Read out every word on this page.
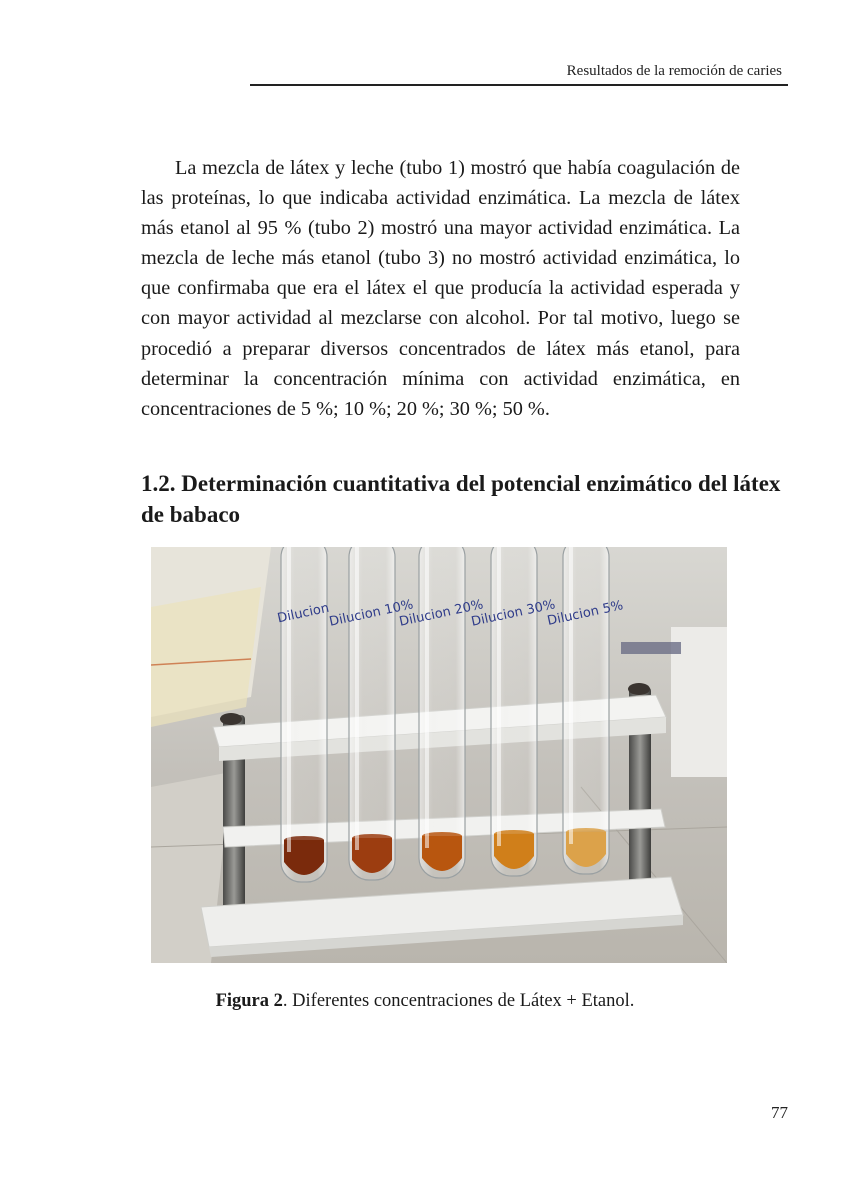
Resultados de la remoción de caries

La mezcla de látex y leche (tubo 1) mostró que había coagulación de las proteínas, lo que indicaba actividad enzimática. La mezcla de látex más etanol al 95 % (tubo 2) mostró una mayor actividad enzimática. La mezcla de leche más etanol (tubo 3) no mostró actividad enzimática, lo que confirmaba que era el látex el que producía la actividad esperada y con mayor actividad al mezclarse con alcohol. Por tal motivo, luego se procedió a preparar diversos concentrados de látex más etanol, para determinar la concentración mínima con actividad enzimática, en concentraciones de 5 %; 10 %; 20 %; 30 %; 50 %.

1.2. Determinación cuantitativa del potencial enzimático del látex de babaco
Dilucion
Dilucion 10%
Dilucion 20%
Dilucion 30%
Dilucion 5%

Figura 2. Diferentes concentraciones de Látex + Etanol.

77
